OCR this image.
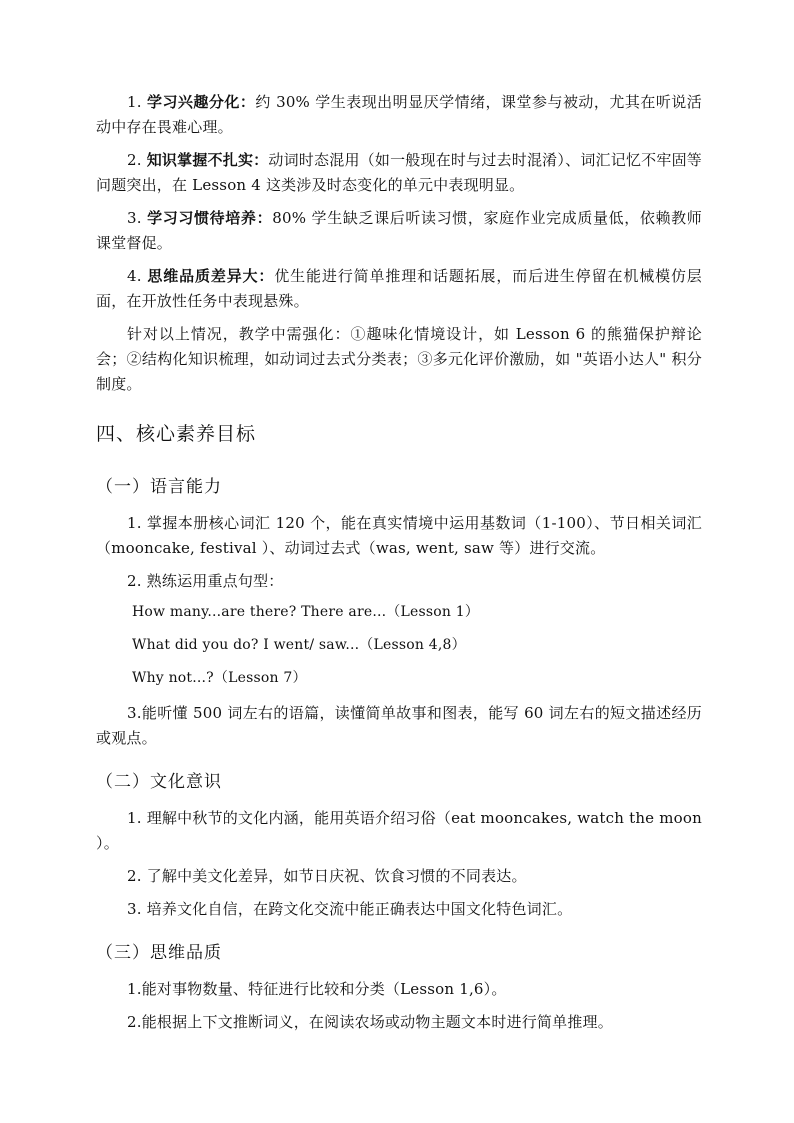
1. 学习兴趣分化：约 30% 学生表现出明显厌学情绪，课堂参与被动，尤其在听说活动中存在畏难心理。

2. 知识掌握不扎实：动词时态混用（如一般现在时与过去时混淆）、词汇记忆不牢固等问题突出，在 Lesson 4 这类涉及时态变化的单元中表现明显。

3. 学习习惯待培养：80% 学生缺乏课后听读习惯，家庭作业完成质量低，依赖教师课堂督促。

4. 思维品质差异大：优生能进行简单推理和话题拓展，而后进生停留在机械模仿层面，在开放性任务中表现悬殊。

针对以上情况，教学中需强化：①趣味化情境设计，如 Lesson 6 的熊猫保护辩论会；②结构化知识梳理，如动词过去式分类表；③多元化评价激励，如 "英语小达人" 积分制度。

四、核心素养目标
（一）语言能力

1. 掌握本册核心词汇 120 个，能在真实情境中运用基数词（1-100）、节日相关词汇（mooncake, festival ）、动词过去式（was, went, saw 等）进行交流。

2. 熟练运用重点句型：

How many...are there? There are...（Lesson 1）
What did you do? I went/ saw...（Lesson 4,8）
Why not...?（Lesson 7）

3.能听懂 500 词左右的语篇，读懂简单故事和图表，能写 60 词左右的短文描述经历或观点。

（二）文化意识

1. 理解中秋节的文化内涵，能用英语介绍习俗（eat mooncakes, watch the moon ）。

2. 了解中美文化差异，如节日庆祝、饮食习惯的不同表达。

3. 培养文化自信，在跨文化交流中能正确表达中国文化特色词汇。

（三）思维品质

1.能对事物数量、特征进行比较和分类（Lesson 1,6）。

2.能根据上下文推断词义，在阅读农场或动物主题文本时进行简单推理。
